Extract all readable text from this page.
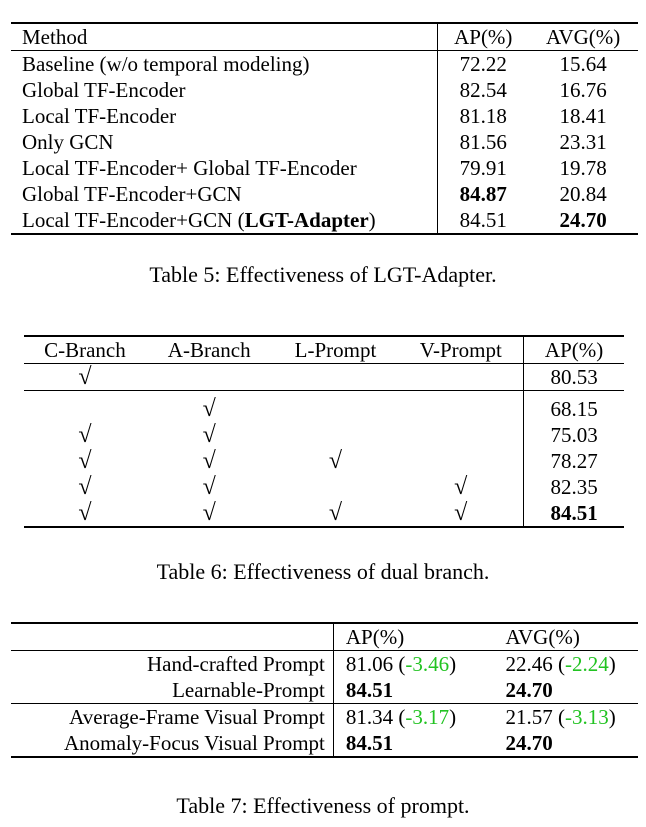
Method	AP(%)	AVG(%)
Baseline (w/o temporal modeling)	72.22	15.64
Global TF-Encoder	82.54	16.76
Local TF-Encoder	81.18	18.41
Only GCN	81.56	23.31
Local TF-Encoder+ Global TF-Encoder	79.91	19.78
Global TF-Encoder+GCN	84.87	20.84
Local TF-Encoder+GCN (LGT-Adapter)	84.51	24.70
Table 5: Effectiveness of LGT-Adapter.
C-Branch	A-Branch	L-Prompt	V-Prompt	AP(%)
√				80.53

	√			68.15
√	√			75.03
√	√	√		78.27
√	√		√	82.35
√	√	√	√	84.51
Table 6: Effectiveness of dual branch.
	AP(%)	AVG(%)
Hand-crafted Prompt	81.06 (-3.46)	22.46 (-2.24)
Learnable-Prompt	84.51	24.70
Average-Frame Visual Prompt	81.34 (-3.17)	21.57 (-3.13)
Anomaly-Focus Visual Prompt	84.51	24.70
Table 7: Effectiveness of prompt.
